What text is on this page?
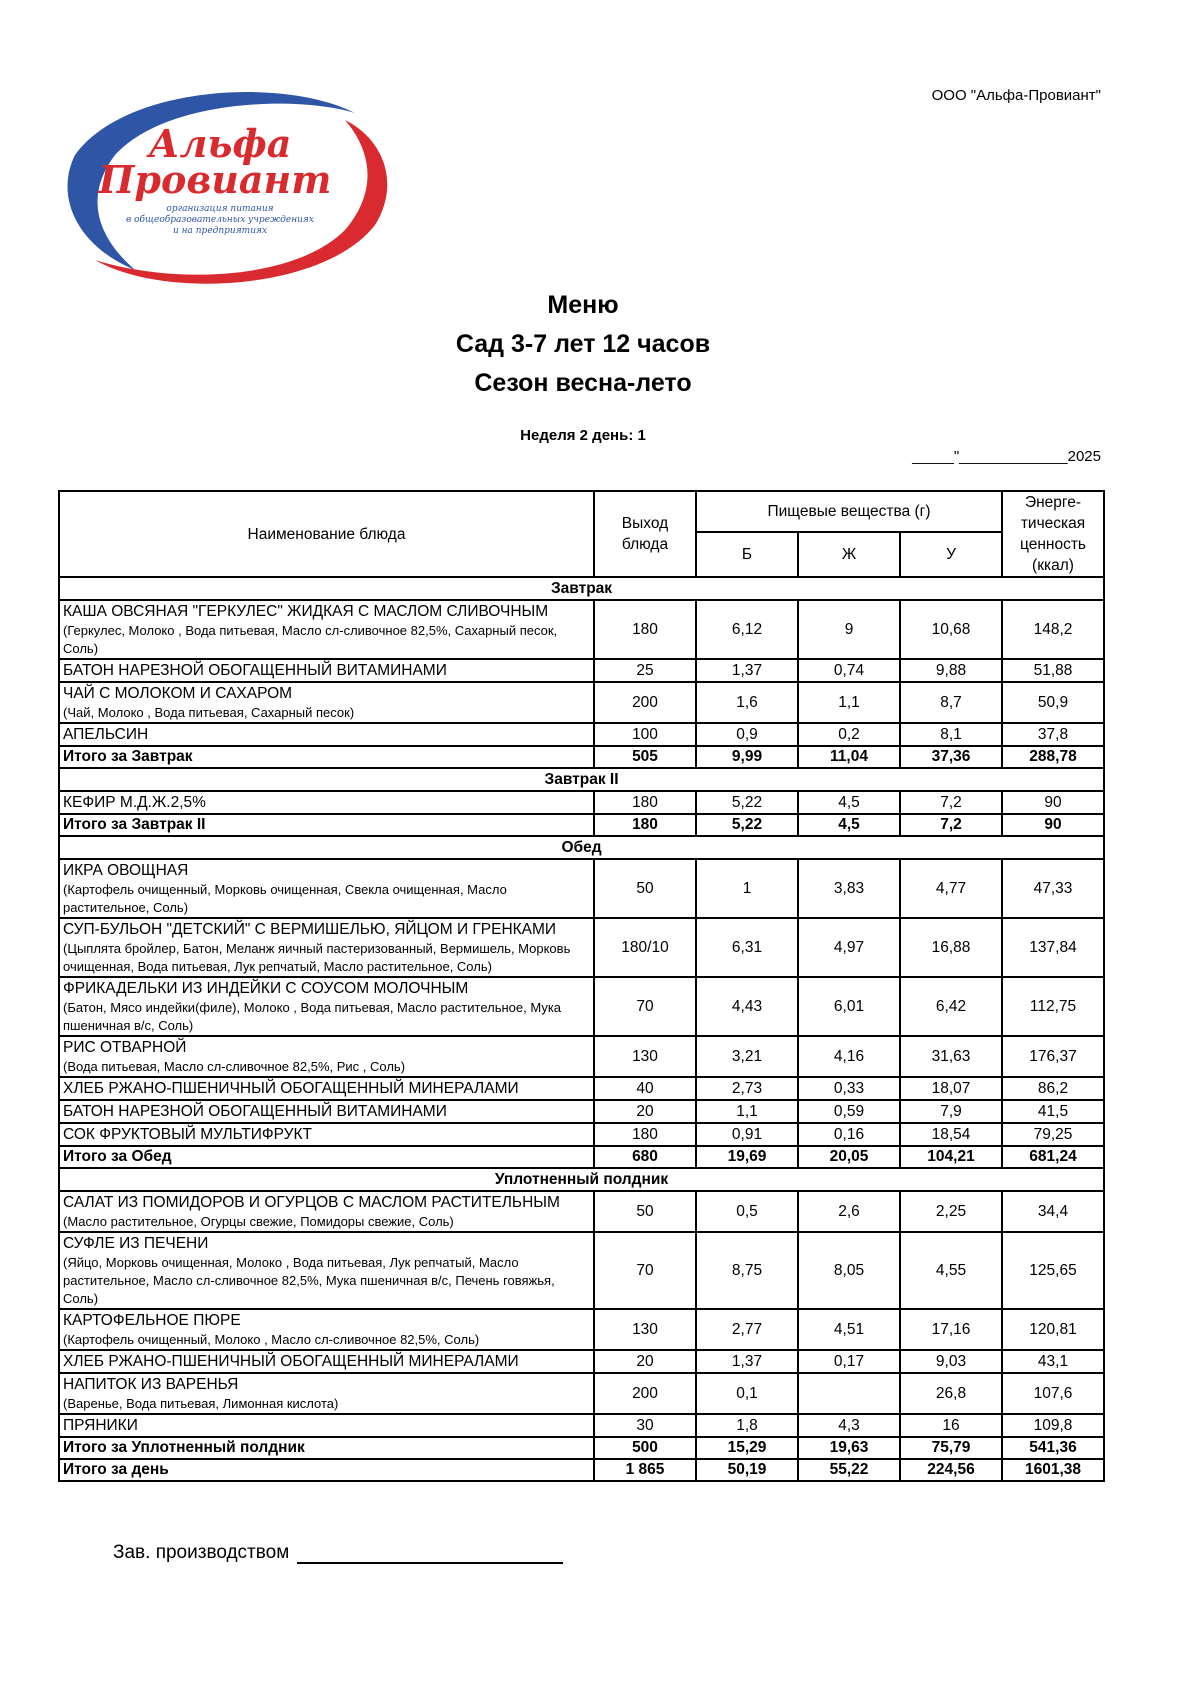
ООО "Альфа-Провиант"
Альфа
Провиант
организация питания
в общеобразовательных учреждениях
и на предприятиях
Меню
Сад 3-7 лет 12 часов
Сезон весна-лето
Неделя 2 день: 1
_____"_____________2025
Наименование блюда	Выход блюда	Пищевые вещества (г)			Энерге-тическая ценность (ккал)
		Б	Ж	У	
Завтрак					

КАША ОВСЯНАЯ "ГЕРКУЛЕС" ЖИДКАЯ С МАСЛОМ СЛИВОЧНЫМ
(Геркулес, Молоко , Вода питьевая, Масло сл-сливочное 82,5%, Сахарный песок, Соль)	180	6,12	9	10,68	148,2

БАТОН НАРЕЗНОЙ ОБОГАЩЕННЫЙ ВИТАМИНАМИ	25	1,37	0,74	9,88	51,88

ЧАЙ С МОЛОКОМ И САХАРОМ
(Чай, Молоко , Вода питьевая, Сахарный песок)	200	1,6	1,1	8,7	50,9

АПЕЛЬСИН	100	0,9	0,2	8,1	37,8
Итого за Завтрак	505	9,99	11,04	37,36	288,78
Завтрак II					

КЕФИР М.Д.Ж.2,5%	180	5,22	4,5	7,2	90
Итого за Завтрак II	180	5,22	4,5	7,2	90
Обед					

ИКРА ОВОЩНАЯ
(Картофель очищенный, Морковь очищенная, Свекла очищенная, Масло растительное, Соль)	50	1	3,83	4,77	47,33

СУП-БУЛЬОН "ДЕТСКИЙ" С ВЕРМИШЕЛЬЮ, ЯЙЦОМ И ГРЕНКАМИ
(Цыплята бройлер, Батон, Меланж яичный пастеризованный, Вермишель, Морковь очищенная, Вода питьевая, Лук репчатый, Масло растительное, Соль)	180/10	6,31	4,97	16,88	137,84

ФРИКАДЕЛЬКИ ИЗ ИНДЕЙКИ С СОУСОМ МОЛОЧНЫМ
(Батон, Мясо индейки(филе), Молоко , Вода питьевая, Масло растительное, Мука пшеничная в/с, Соль)	70	4,43	6,01	6,42	112,75

РИС ОТВАРНОЙ
(Вода питьевая, Масло сл-сливочное 82,5%, Рис , Соль)	130	3,21	4,16	31,63	176,37

ХЛЕБ РЖАНО-ПШЕНИЧНЫЙ ОБОГАЩЕННЫЙ МИНЕРАЛАМИ	40	2,73	0,33	18,07	86,2

БАТОН НАРЕЗНОЙ ОБОГАЩЕННЫЙ ВИТАМИНАМИ	20	1,1	0,59	7,9	41,5

СОК ФРУКТОВЫЙ МУЛЬТИФРУКТ	180	0,91	0,16	18,54	79,25
Итого за Обед	680	19,69	20,05	104,21	681,24
Уплотненный полдник					

САЛАТ ИЗ ПОМИДОРОВ И ОГУРЦОВ С МАСЛОМ РАСТИТЕЛЬНЫМ
(Масло растительное, Огурцы свежие, Помидоры свежие, Соль)	50	0,5	2,6	2,25	34,4

СУФЛЕ ИЗ ПЕЧЕНИ
(Яйцо, Морковь очищенная, Молоко , Вода питьевая, Лук репчатый, Масло растительное, Масло сл-сливочное 82,5%, Мука пшеничная в/с, Печень говяжья, Соль)	70	8,75	8,05	4,55	125,65

КАРТОФЕЛЬНОЕ ПЮРЕ
(Картофель очищенный, Молоко , Масло сл-сливочное 82,5%, Соль)	130	2,77	4,51	17,16	120,81

ХЛЕБ РЖАНО-ПШЕНИЧНЫЙ ОБОГАЩЕННЫЙ МИНЕРАЛАМИ	20	1,37	0,17	9,03	43,1

НАПИТОК ИЗ ВАРЕНЬЯ
(Варенье, Вода питьевая, Лимонная кислота)	200	0,1		26,8	107,6

ПРЯНИКИ	30	1,8	4,3	16	109,8
Итого за Уплотненный полдник	500	15,29	19,63	75,79	541,36
Итого за день	1 865	50,19	55,22	224,56	1601,38
Зав. производством
